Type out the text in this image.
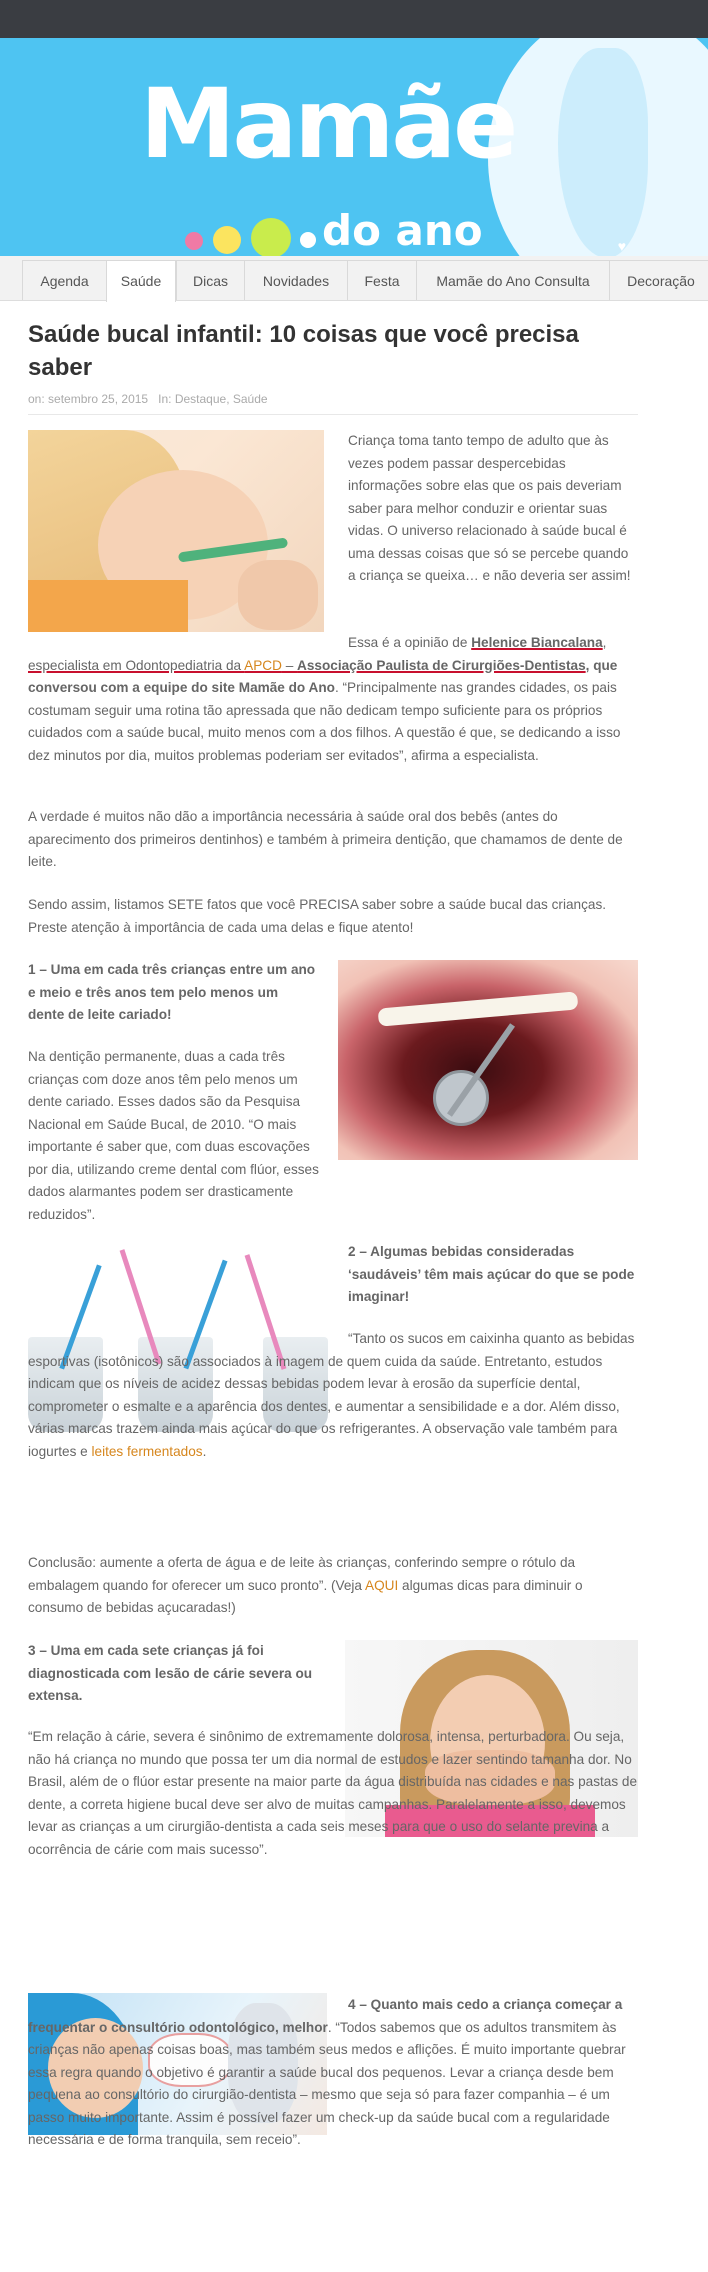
Mamãe
do ano	♥
Agenda	Saúde	Dicas	Novidades	Festa	Mamãe do Ano Consulta	Decoração
Saúde bucal infantil: 10 coisas que você precisa saber
on: setembro 25, 2015 In: Destaque, Saúde

Criança toma tanto tempo de adulto que às vezes podem passar despercebidas informações sobre elas que os pais deveriam saber para melhor conduzir e orientar suas vidas. O universo relacionado à saúde bucal é uma dessas coisas que só se percebe quando a criança se queixa… e não deveria ser assim!

Essa é a opinião de Helenice Biancalana, especialista em Odontopediatria da APCD – Associação Paulista de Cirurgiões-Dentistas, que conversou com a equipe do site Mamãe do Ano. “Principalmente nas grandes cidades, os pais costumam seguir uma rotina tão apressada que não dedicam tempo suficiente para os próprios cuidados com a saúde bucal, muito menos com a dos filhos. A questão é que, se dedicando a isso dez minutos por dia, muitos problemas poderiam ser evitados”, afirma a especialista.

A verdade é muitos não dão a importância necessária à saúde oral dos bebês (antes do aparecimento dos primeiros dentinhos) e também à primeira dentição, que chamamos de dente de leite.

Sendo assim, listamos SETE fatos que você PRECISA saber sobre a saúde bucal das crianças. Preste atenção à importância de cada uma delas e fique atento!

1 – Uma em cada três crianças entre um ano e meio e três anos tem pelo menos um dente de leite cariado!

Na dentição permanente, duas a cada três crianças com doze anos têm pelo menos um dente cariado. Esses dados são da Pesquisa Nacional em Saúde Bucal, de 2010. “O mais importante é saber que, com duas escovações por dia, utilizando creme dental com flúor, esses dados alarmantes podem ser drasticamente reduzidos”.

2 – Algumas bebidas consideradas ‘saudáveis’ têm mais açúcar do que se pode imaginar!

“Tanto os sucos em caixinha quanto as bebidas esportivas (isotônicos) são associados à imagem de quem cuida da saúde. Entretanto, estudos indicam que os níveis de acidez dessas bebidas podem levar à erosão da superfície dental, comprometer o esmalte e a aparência dos dentes, e aumentar a sensibilidade e a dor. Além disso, várias marcas trazem ainda mais açúcar do que os refrigerantes. A observação vale também para iogurtes e leites fermentados.

Conclusão: aumente a oferta de água e de leite às crianças, conferindo sempre o rótulo da embalagem quando for oferecer um suco pronto”. (Veja AQUI algumas dicas para diminuir o consumo de bebidas açucaradas!)

3 – Uma em cada sete crianças já foi diagnosticada com lesão de cárie severa ou extensa.

“Em relação à cárie, severa é sinônimo de extremamente dolorosa, intensa, perturbadora. Ou seja, não há criança no mundo que possa ter um dia normal de estudos e lazer sentindo tamanha dor. No Brasil, além de o flúor estar presente na maior parte da água distribuída nas cidades e nas pastas de dente, a correta higiene bucal deve ser alvo de muitas campanhas. Paralelamente a isso, devemos levar as crianças a um cirurgião-dentista a cada seis meses para que o uso do selante previna a ocorrência de cárie com mais sucesso”.

4 – Quanto mais cedo a criança começar a frequentar o consultório odontológico, melhor. “Todos sabemos que os adultos transmitem às crianças não apenas coisas boas, mas também seus medos e aflições. É muito importante quebrar essa regra quando o objetivo é garantir a saúde bucal dos pequenos. Levar a criança desde bem pequena ao consultório do cirurgião-dentista – mesmo que seja só para fazer companhia – é um passo muito importante. Assim é possível fazer um check-up da saúde bucal com a regularidade necessária e de forma tranquila, sem receio”.
